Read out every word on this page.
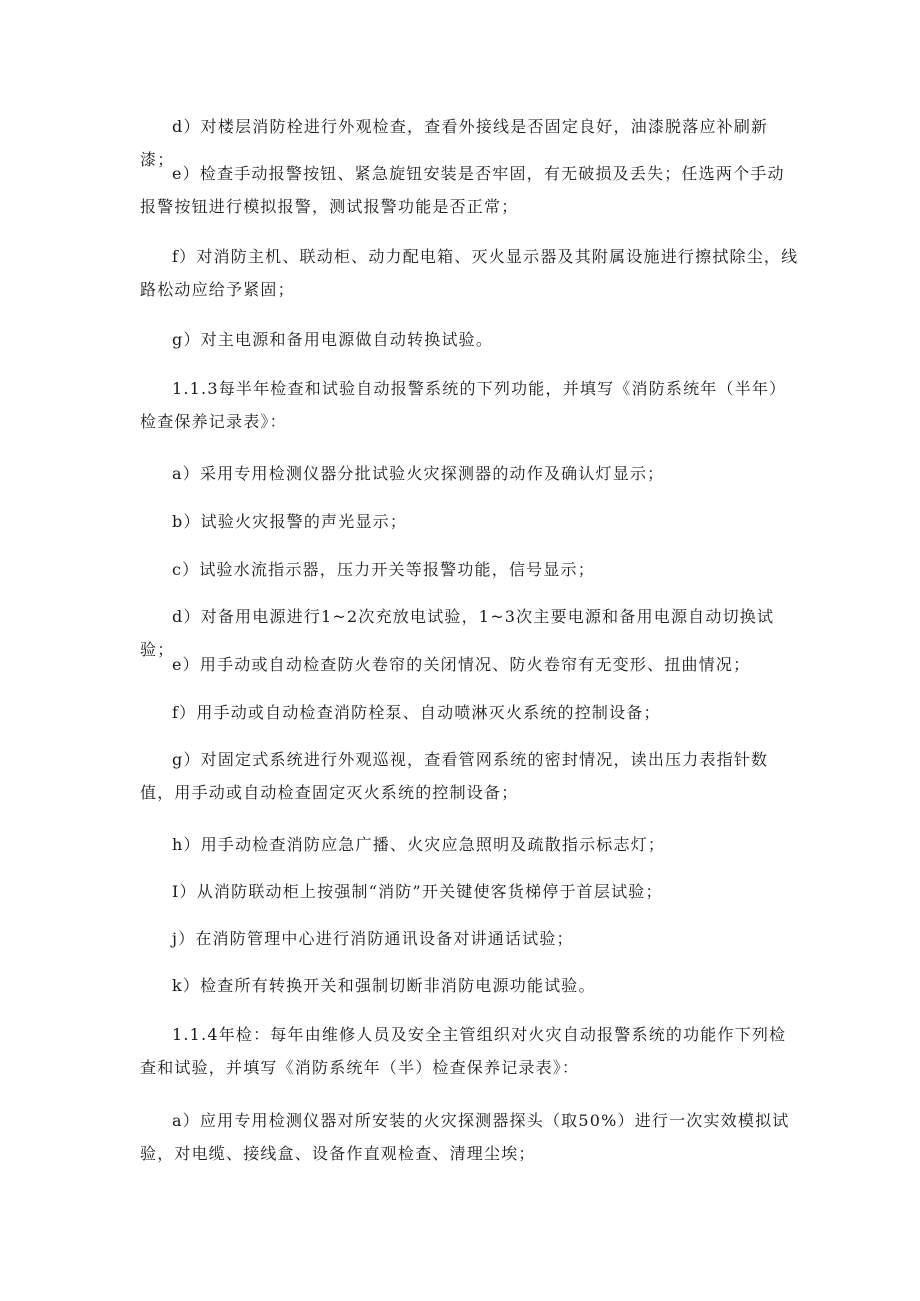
d）对楼层消防栓进行外观检查，查看外接线是否固定良好，油漆脱落应补刷新漆；

e）检查手动报警按钮、紧急旋钮安装是否牢固，有无破损及丢失；任选两个手动报警按钮进行模拟报警，测试报警功能是否正常；

f）对消防主机、联动柜、动力配电箱、灭火显示器及其附属设施进行擦拭除尘，线路松动应给予紧固；

g）对主电源和备用电源做自动转换试验。

1.1.3每半年检查和试验自动报警系统的下列功能，并填写《消防系统年（半年）检查保养记录表》：

a）采用专用检测仪器分批试验火灾探测器的动作及确认灯显示；

b）试验火灾报警的声光显示；

c）试验水流指示器，压力开关等报警功能，信号显示；

d）对备用电源进行1~2次充放电试验，1~3次主要电源和备用电源自动切换试验；

e）用手动或自动检查防火卷帘的关闭情况、防火卷帘有无变形、扭曲情况；

f）用手动或自动检查消防栓泵、自动喷淋灭火系统的控制设备；

g）对固定式系统进行外观巡视，查看管网系统的密封情况，读出压力表指针数值，用手动或自动检查固定灭火系统的控制设备；

h）用手动检查消防应急广播、火灾应急照明及疏散指示标志灯；

I）从消防联动柜上按强制“消防”开关键使客货梯停于首层试验；

j）在消防管理中心进行消防通讯设备对讲通话试验；

k）检查所有转换开关和强制切断非消防电源功能试验。

1.1.4年检：每年由维修人员及安全主管组织对火灾自动报警系统的功能作下列检查和试验，并填写《消防系统年（半）检查保养记录表》：

a）应用专用检测仪器对所安装的火灾探测器探头（取50%）进行一次实效模拟试验，对电缆、接线盒、设备作直观检查、清理尘埃；
